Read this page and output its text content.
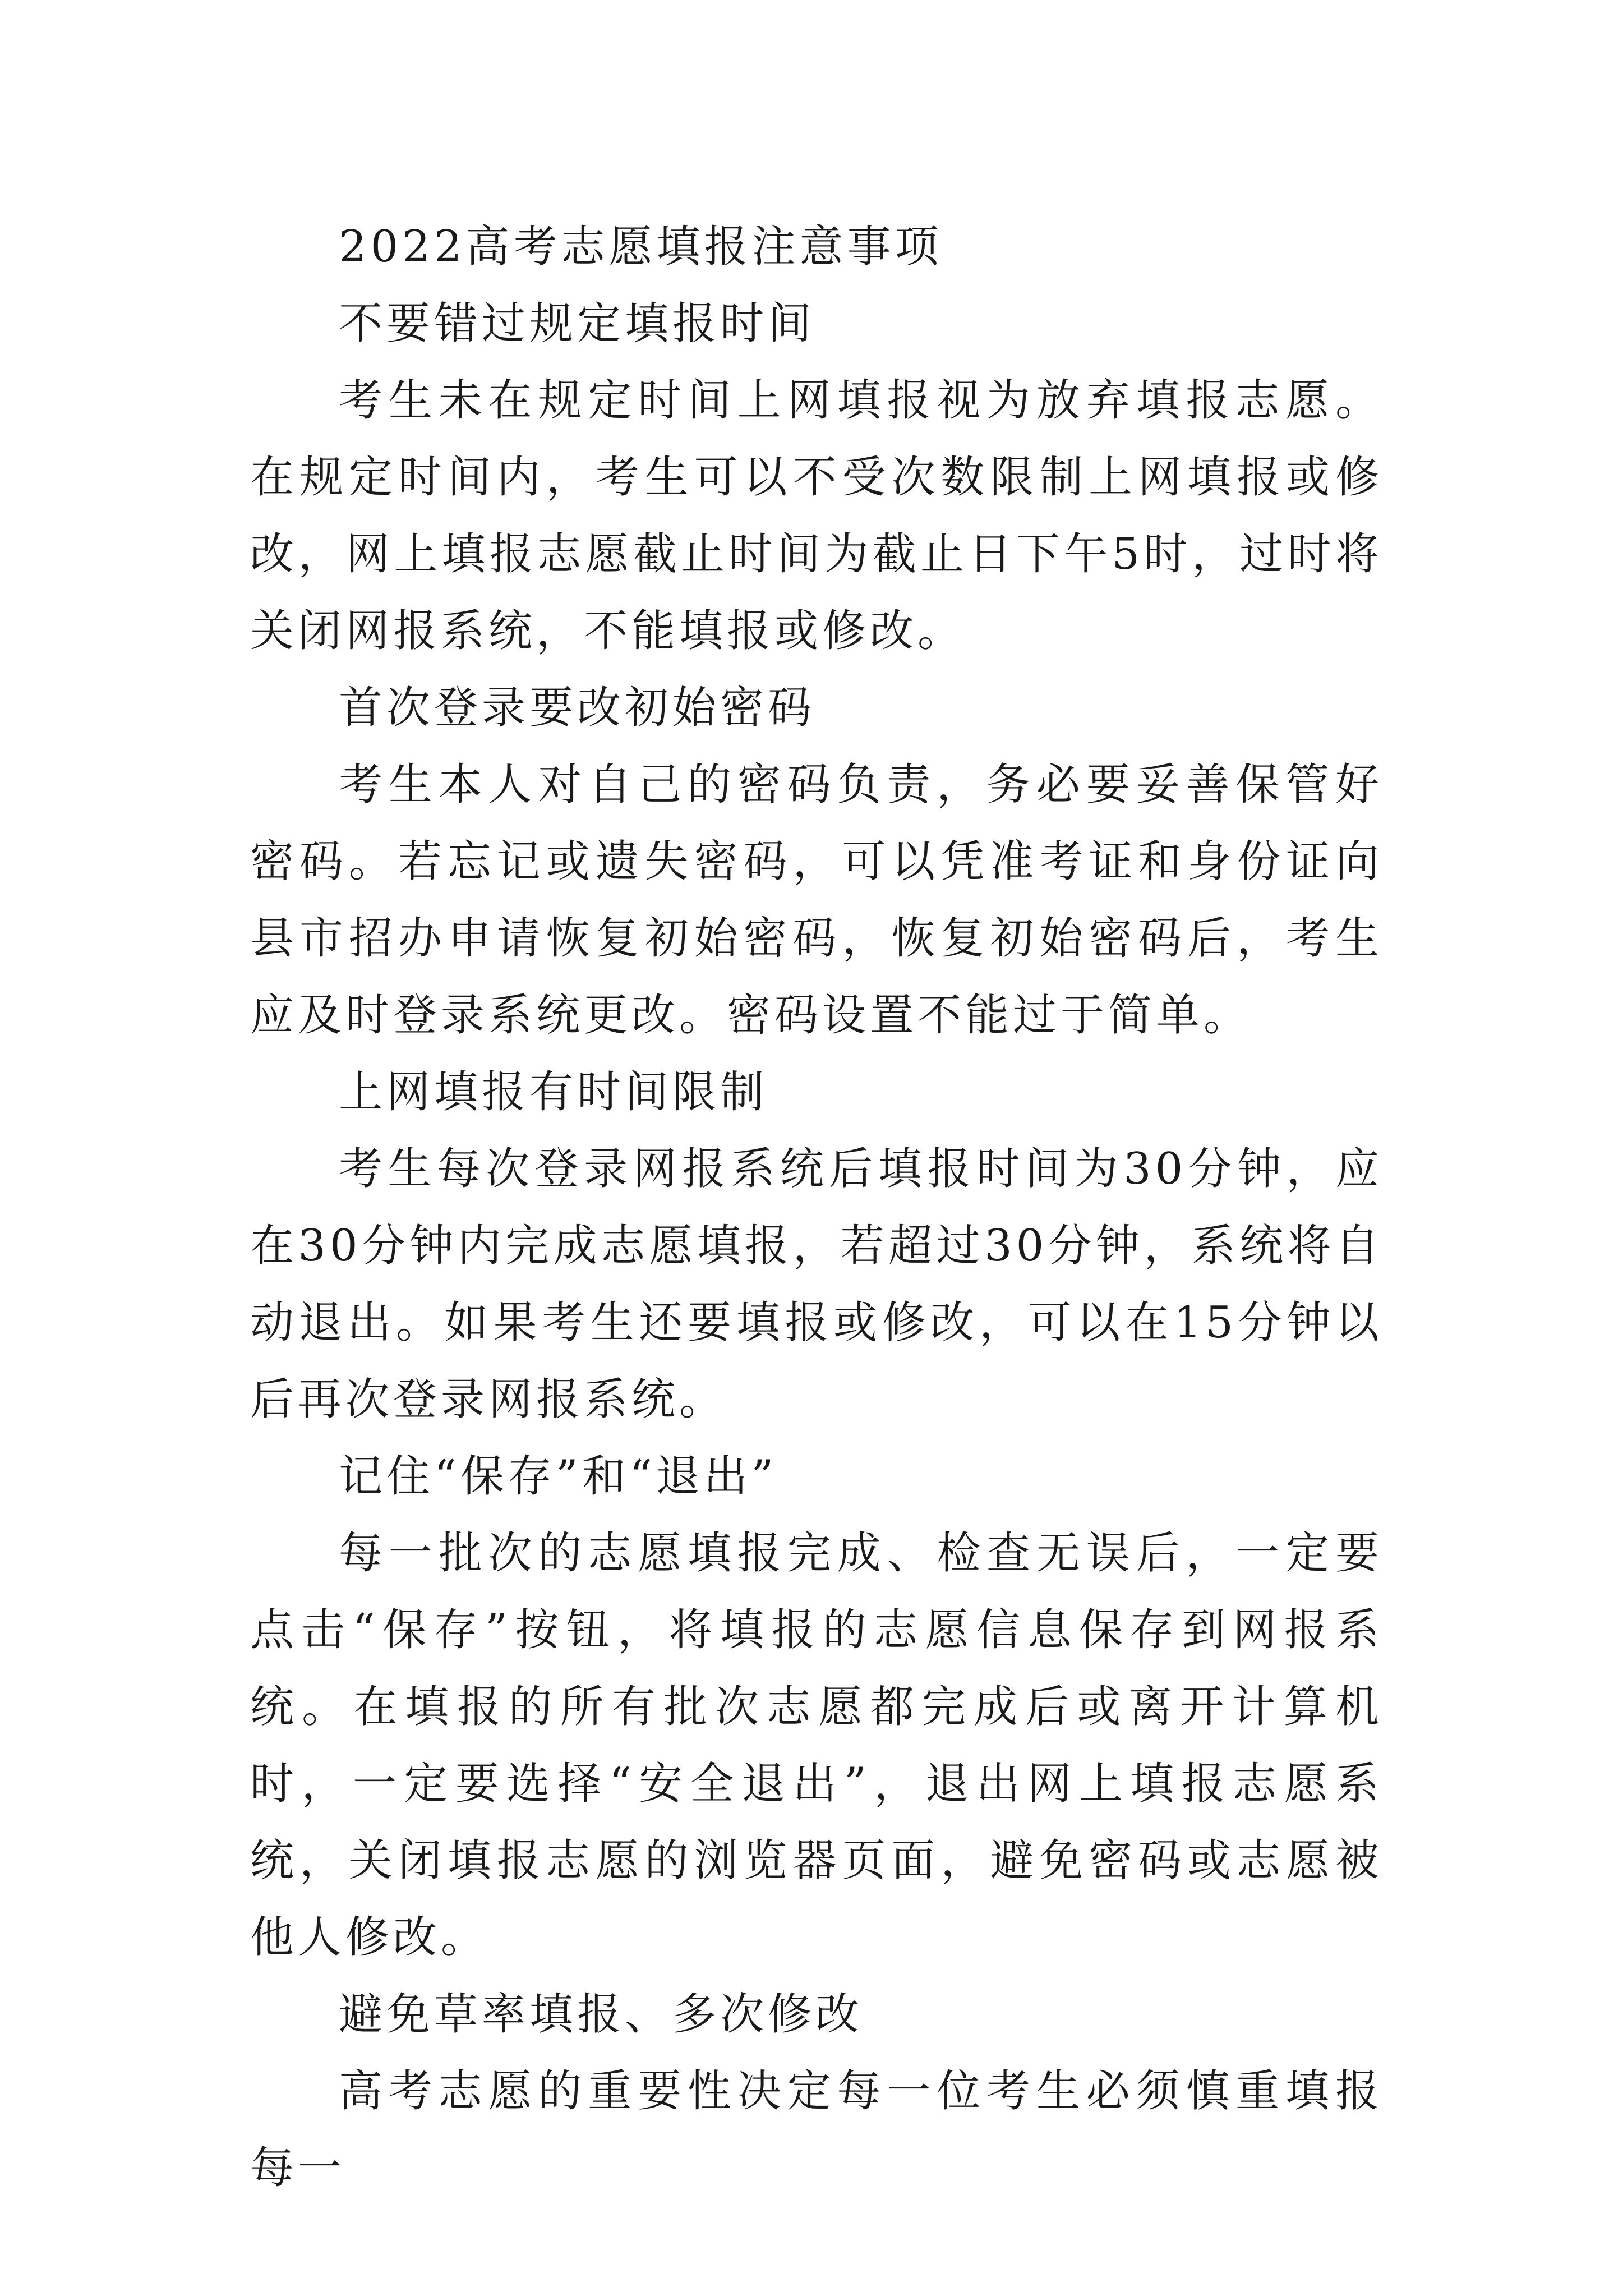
2022高考志愿填报注意事项

不要错过规定填报时间

考生未在规定时间上网填报视为放弃填报志愿。在规定时间内，考生可以不受次数限制上网填报或修改，网上填报志愿截止时间为截止日下午5时，过时将关闭网报系统，不能填报或修改。

首次登录要改初始密码

考生本人对自己的密码负责，务必要妥善保管好密码。若忘记或遗失密码，可以凭准考证和身份证向县市招办申请恢复初始密码，恢复初始密码后，考生应及时登录系统更改。密码设置不能过于简单。

上网填报有时间限制

考生每次登录网报系统后填报时间为30分钟，应在30分钟内完成志愿填报，若超过30分钟，系统将自动退出。如果考生还要填报或修改，可以在15分钟以后再次登录网报系统。

记住“保存”和“退出”

每一批次的志愿填报完成、检查无误后，一定要点击“保存”按钮，将填报的志愿信息保存到网报系统。在填报的所有批次志愿都完成后或离开计算机时，一定要选择“安全退出”，退出网上填报志愿系统，关闭填报志愿的浏览器页面，避免密码或志愿被他人修改。

避免草率填报、多次修改

高考志愿的重要性决定每一位考生必须慎重填报每一
